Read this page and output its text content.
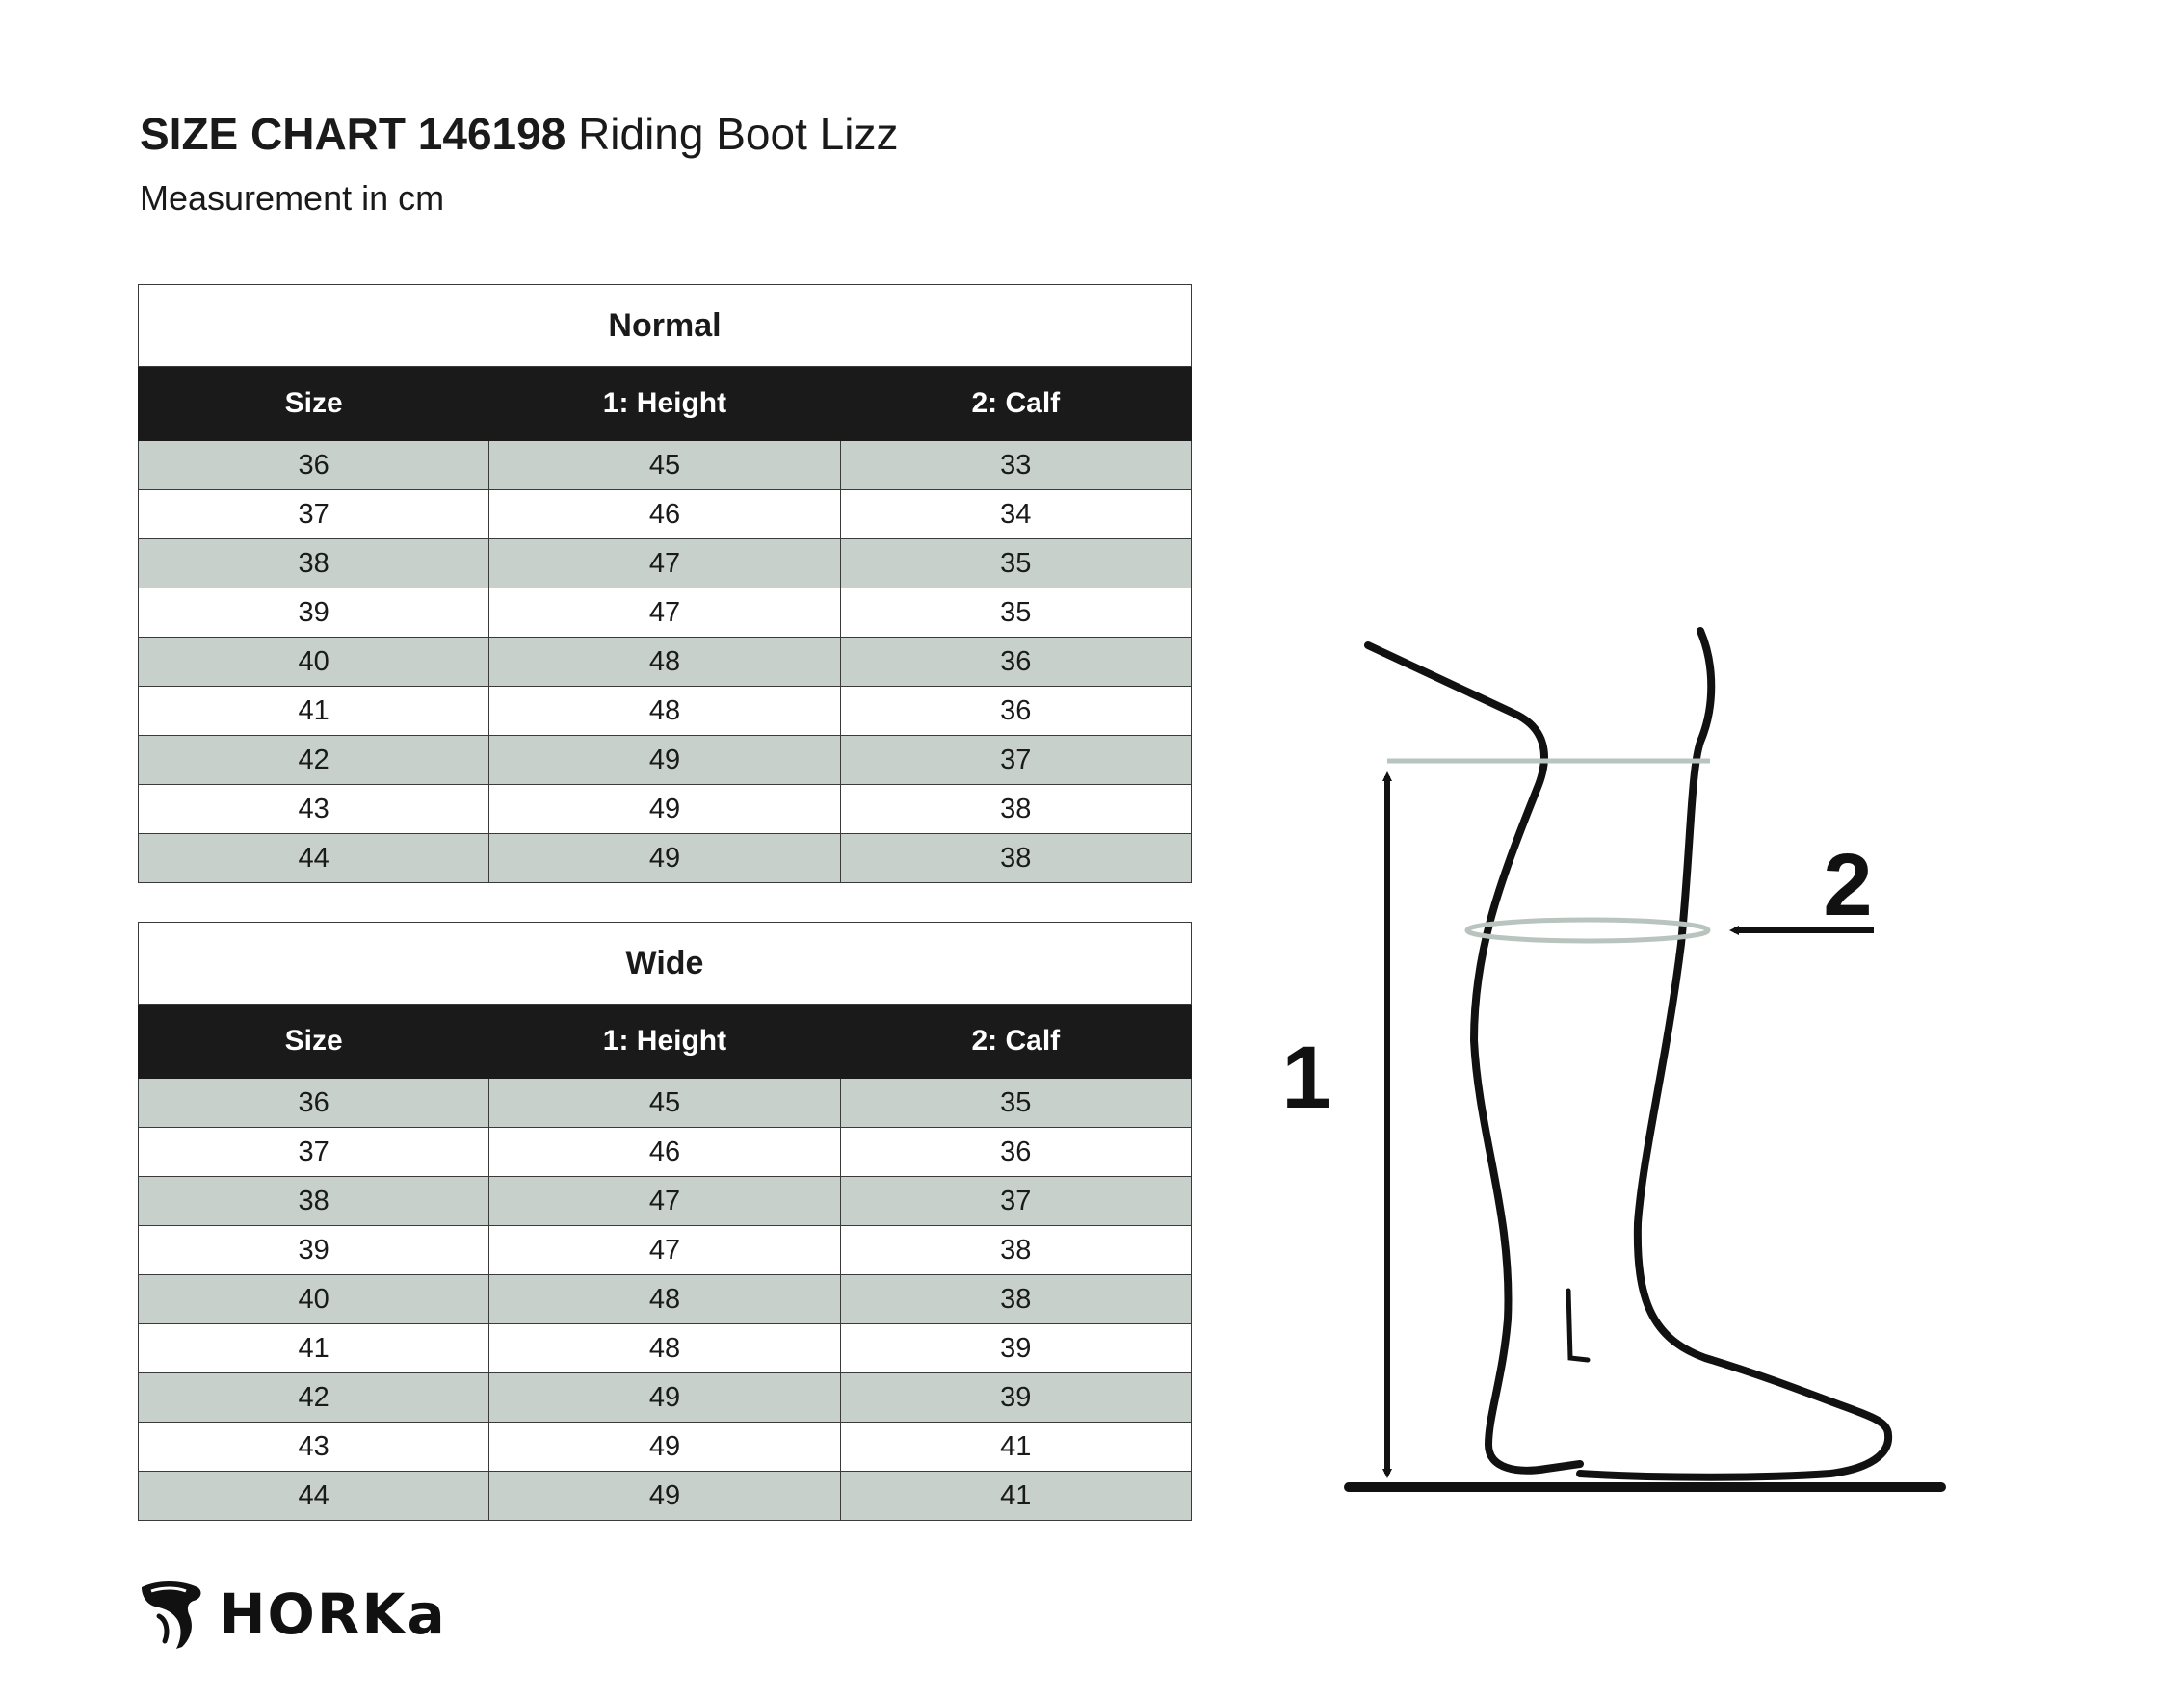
SIZE CHART 146198 Riding Boot Lizz
Measurement in cm
Normal		
Size	1: Height	2: Calf
36	45	33
37	46	34
38	47	35
39	47	35
40	48	36
41	48	36
42	49	37
43	49	38
44	49	38
Wide		
Size	1: Height	2: Calf
36	45	35
37	46	36
38	47	37
39	47	38
40	48	38
41	48	39
42	49	39
43	49	41
44	49	41
1
2
HORKa
